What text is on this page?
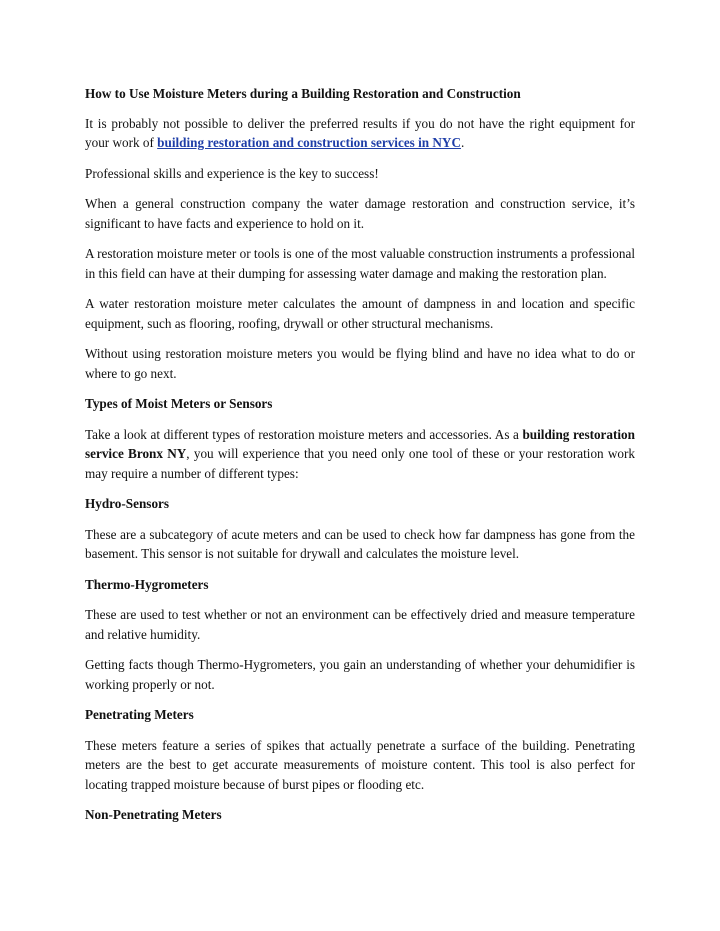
How to Use Moisture Meters during a Building Restoration and Construction

It is probably not possible to deliver the preferred results if you do not have the right equipment for your work of building restoration and construction services in NYC.

Professional skills and experience is the key to success!

When a general construction company the water damage restoration and construction service, it’s significant to have facts and experience to hold on it.

A restoration moisture meter or tools is one of the most valuable construction instruments a professional in this field can have at their dumping for assessing water damage and making the restoration plan.

A water restoration moisture meter calculates the amount of dampness in and location and specific equipment, such as flooring, roofing, drywall or other structural mechanisms.

Without using restoration moisture meters you would be flying blind and have no idea what to do or where to go next.

Types of Moist Meters or Sensors

Take a look at different types of restoration moisture meters and accessories. As a building restoration service Bronx NY, you will experience that you need only one tool of these or your restoration work may require a number of different types:

Hydro-Sensors

These are a subcategory of acute meters and can be used to check how far dampness has gone from the basement. This sensor is not suitable for drywall and calculates the moisture level.

Thermo-Hygrometers

These are used to test whether or not an environment can be effectively dried and measure temperature and relative humidity.

Getting facts though Thermo-Hygrometers, you gain an understanding of whether your dehumidifier is working properly or not.

Penetrating Meters

These meters feature a series of spikes that actually penetrate a surface of the building. Penetrating meters are the best to get accurate measurements of moisture content. This tool is also perfect for locating trapped moisture because of burst pipes or flooding etc.

Non-Penetrating Meters
